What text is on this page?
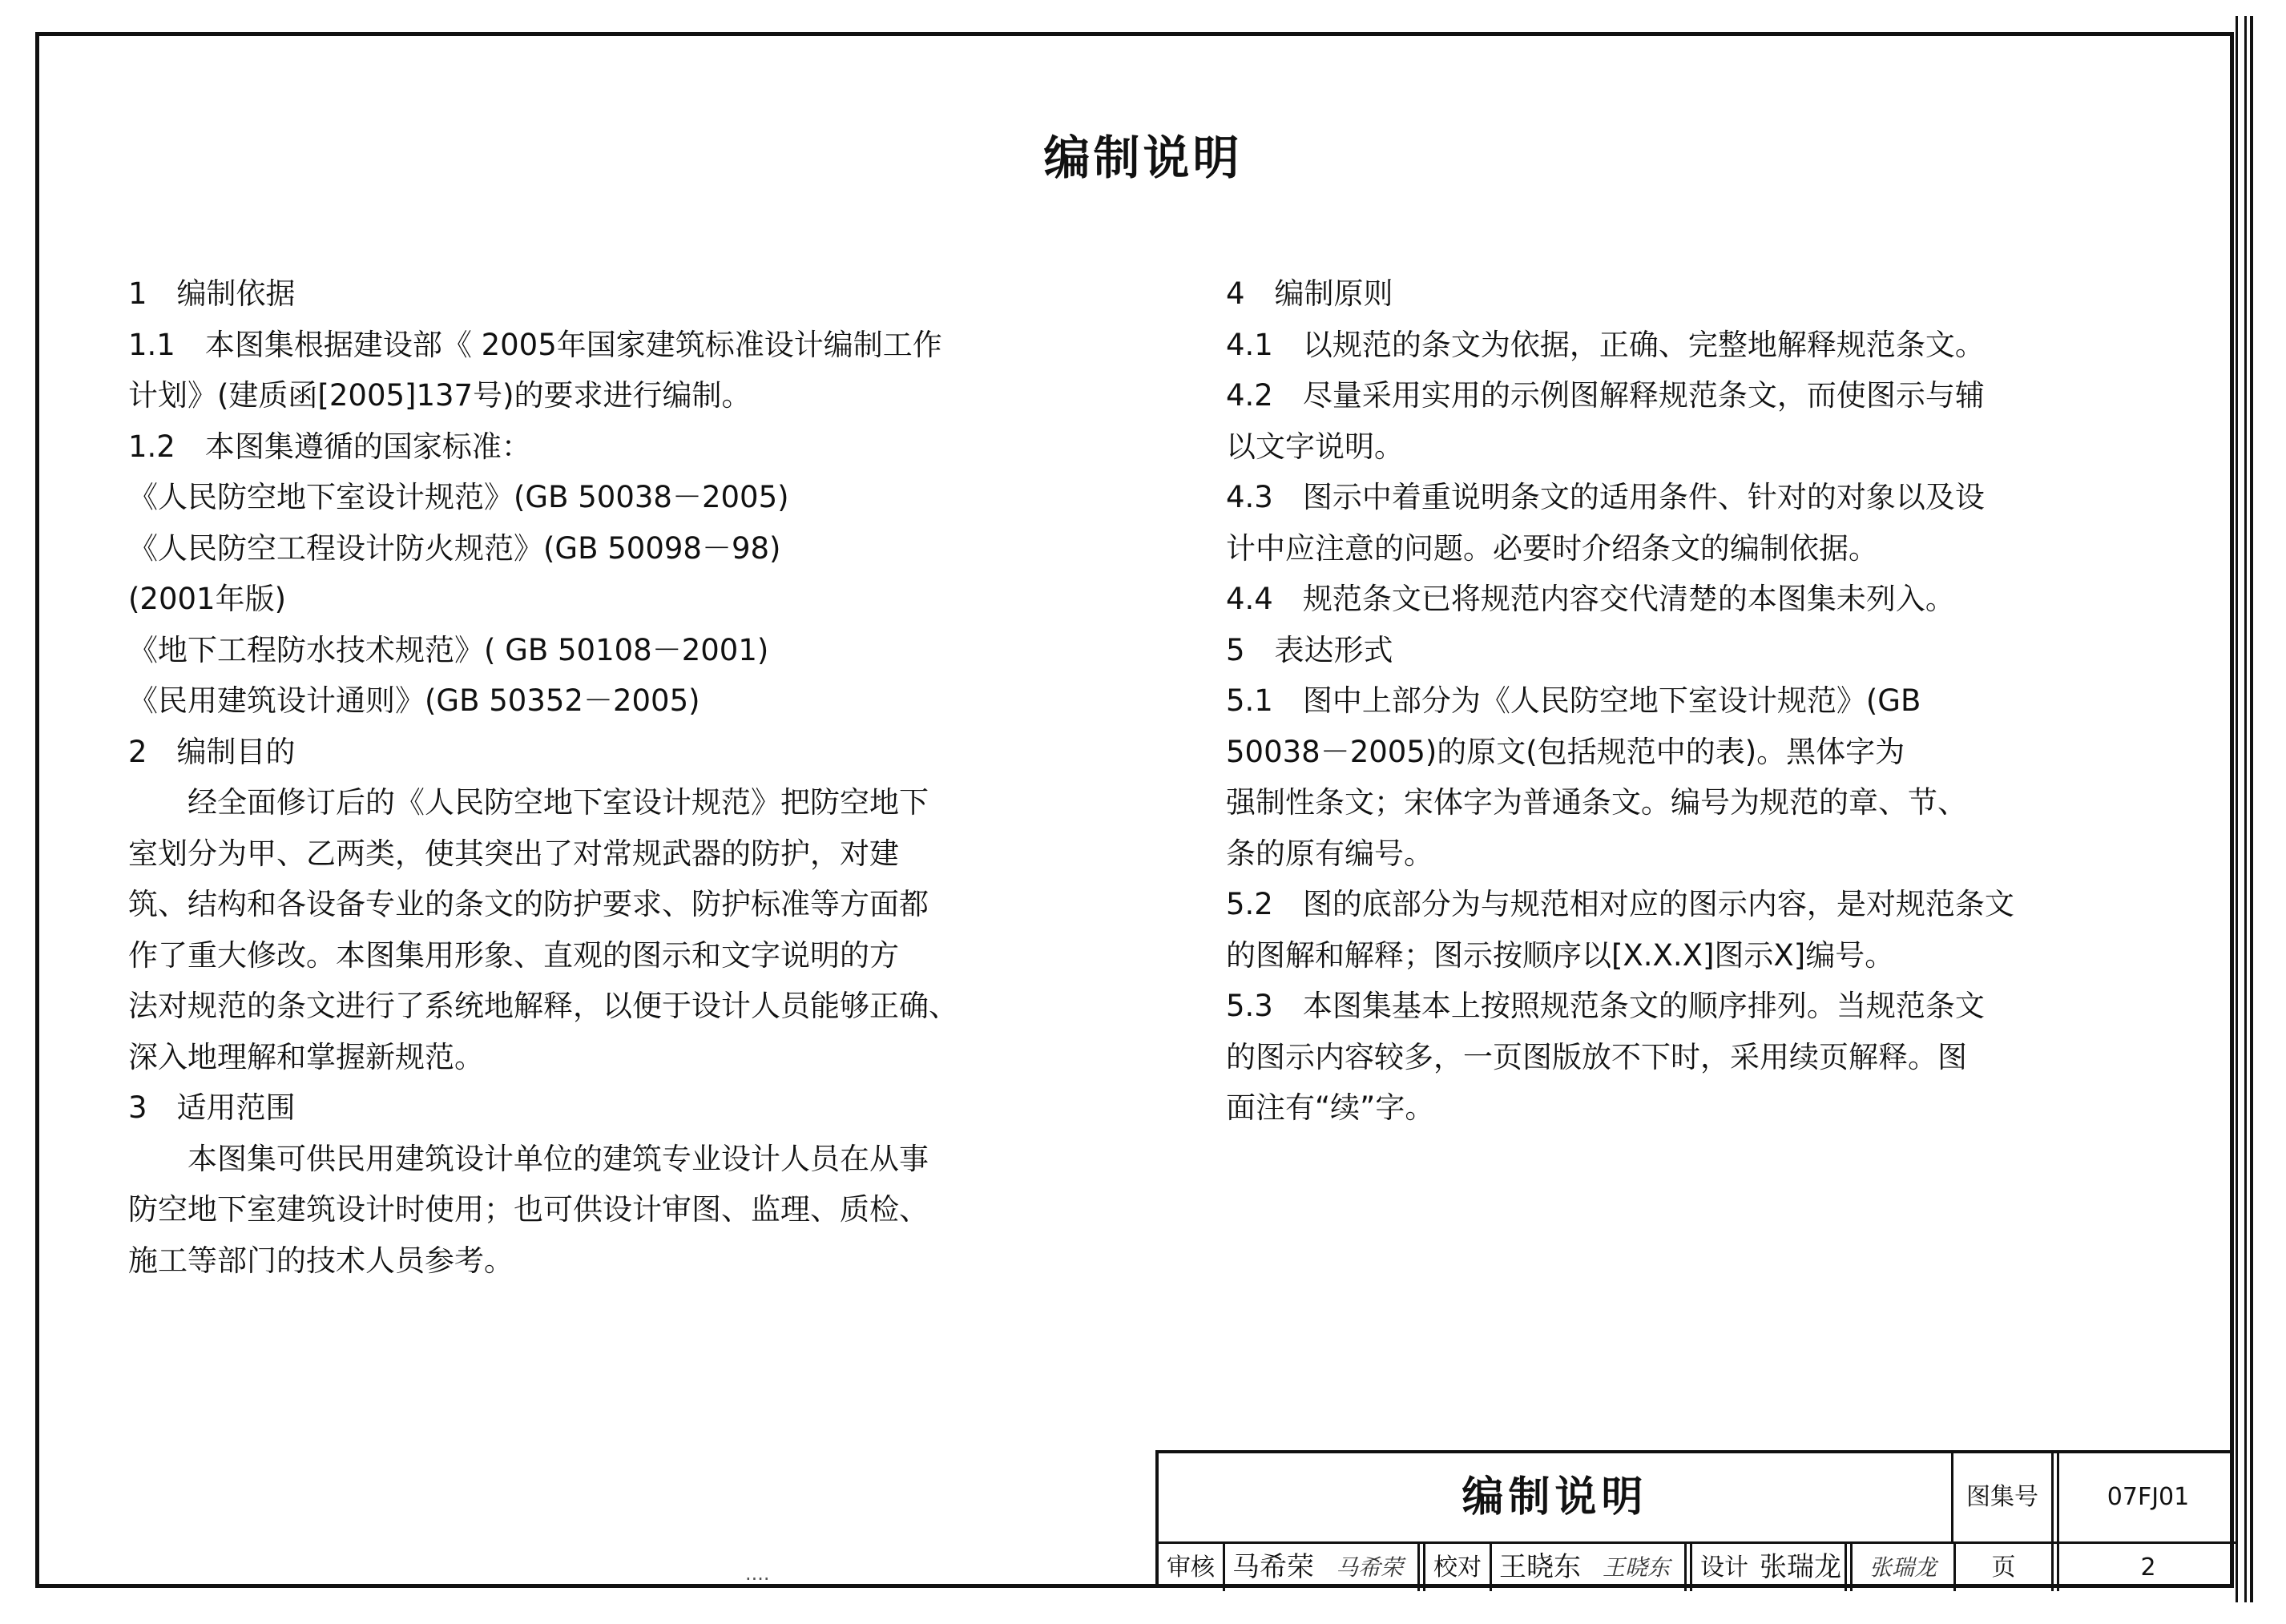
编制说明

1　编制依据

1.1　本图集根据建设部《 2005年国家建筑标准设计编制工作

计划》(建质函[2005]137号)的要求进行编制。

1.2　本图集遵循的国家标准：

《人民防空地下室设计规范》(GB 50038－2005)

《人民防空工程设计防火规范》(GB 50098－98)

(2001年版)

《地下工程防水技术规范》( GB 50108－2001)

《民用建筑设计通则》(GB 50352－2005)

2　编制目的

经全面修订后的《人民防空地下室设计规范》把防空地下

室划分为甲、乙两类，使其突出了对常规武器的防护，对建

筑、结构和各设备专业的条文的防护要求、防护标准等方面都

作了重大修改。本图集用形象、直观的图示和文字说明的方

法对规范的条文进行了系统地解释，以便于设计人员能够正确、

深入地理解和掌握新规范。

3　适用范围

本图集可供民用建筑设计单位的建筑专业设计人员在从事

防空地下室建筑设计时使用；也可供设计审图、监理、质检、

施工等部门的技术人员参考。

4　编制原则

4.1　以规范的条文为依据，正确、完整地解释规范条文。

4.2　尽量采用实用的示例图解释规范条文，而使图示与辅

以文字说明。

4.3　图示中着重说明条文的适用条件、针对的对象以及设

计中应注意的问题。必要时介绍条文的编制依据。

4.4　规范条文已将规范内容交代清楚的本图集未列入。

5　表达形式

5.1　图中上部分为《人民防空地下室设计规范》(GB

50038－2005)的原文(包括规范中的表)。黑体字为

强制性条文；宋体字为普通条文。编号为规范的章、节、

条的原有编号。

5.2　图的底部分为与规范相对应的图示内容，是对规范条文

的图解和解释；图示按顺序以[X.X.X]图示X]编号。

5.3　本图集基本上按照规范条文的顺序排列。当规范条文

的图示内容较多，一页图版放不下时，采用续页解释。图

面注有“续”字。

编制说明	图集号	07FJ01
审核 马希荣 马希荣	校对 王晓东 王晓东	设计 张瑞龙	张瑞龙	页	2
....
